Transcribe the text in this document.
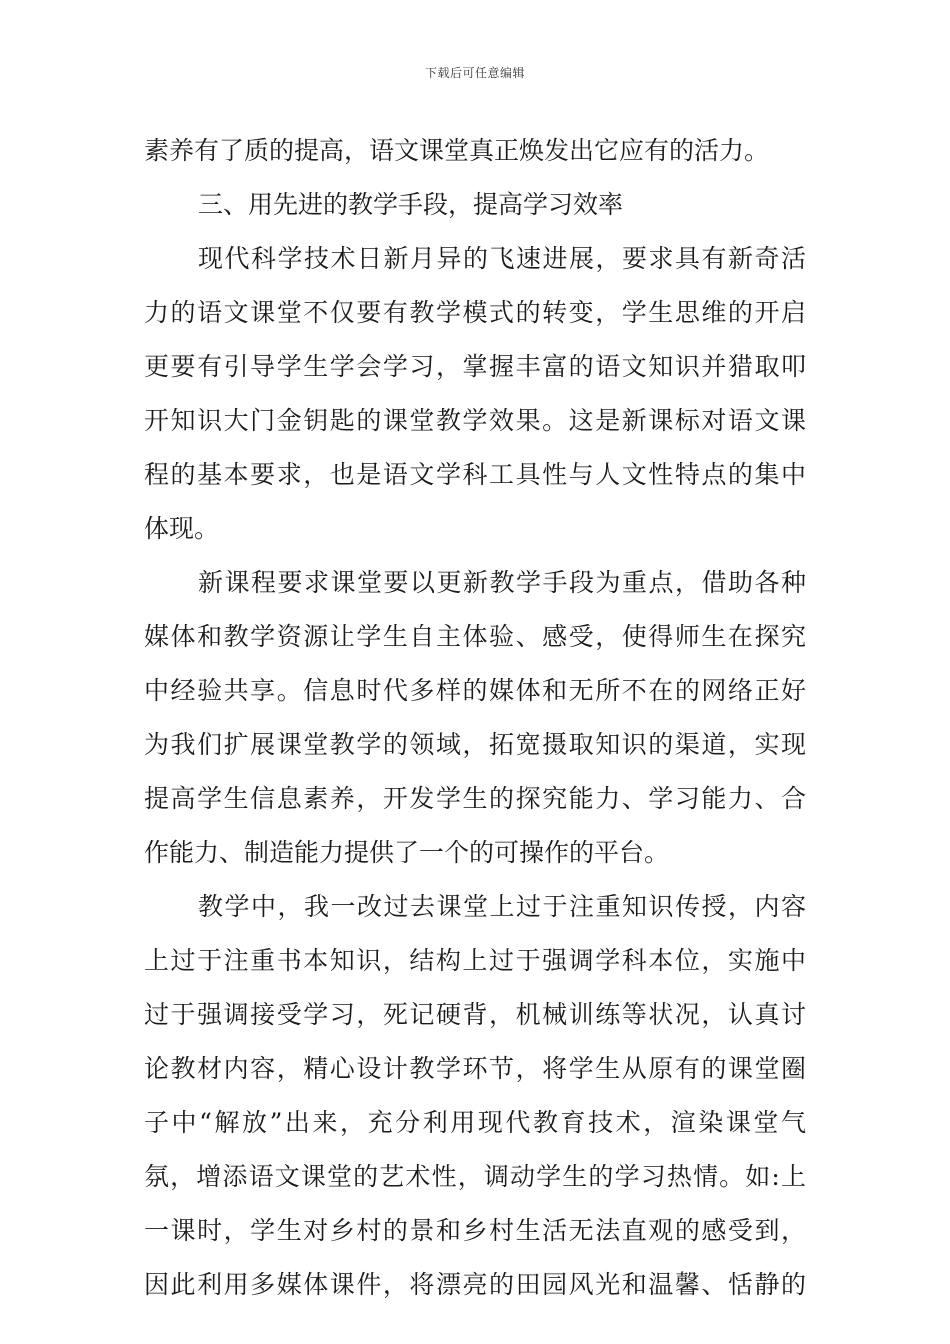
下载后可任意编辑
素养有了质的提高，语文课堂真正焕发出它应有的活力。
三、用先进的教学手段，提高学习效率
现代科学技术日新月异的飞速进展，要求具有新奇活
力的语文课堂不仅要有教学模式的转变，学生思维的开启
更要有引导学生学会学习，掌握丰富的语文知识并猎取叩
开知识大门金钥匙的课堂教学效果。这是新课标对语文课
程的基本要求，也是语文学科工具性与人文性特点的集中
体现。
新课程要求课堂要以更新教学手段为重点，借助各种
媒体和教学资源让学生自主体验、感受，使得师生在探究
中经验共享。信息时代多样的媒体和无所不在的网络正好
为我们扩展课堂教学的领域，拓宽摄取知识的渠道，实现
提高学生信息素养，开发学生的探究能力、学习能力、合
作能力、制造能力提供了一个的可操作的平台。
教学中，我一改过去课堂上过于注重知识传授，内容
上过于注重书本知识，结构上过于强调学科本位，实施中
过于强调接受学习，死记硬背，机械训练等状况，认真讨
论教材内容，精心设计教学环节，将学生从原有的课堂圈
子中“解放”出来，充分利用现代教育技术，渲染课堂气
氛，增添语文课堂的艺术性，调动学生的学习热情。如:上
一课时，学生对乡村的景和乡村生活无法直观的感受到，
因此利用多媒体课件，将漂亮的田园风光和温馨、恬静的
